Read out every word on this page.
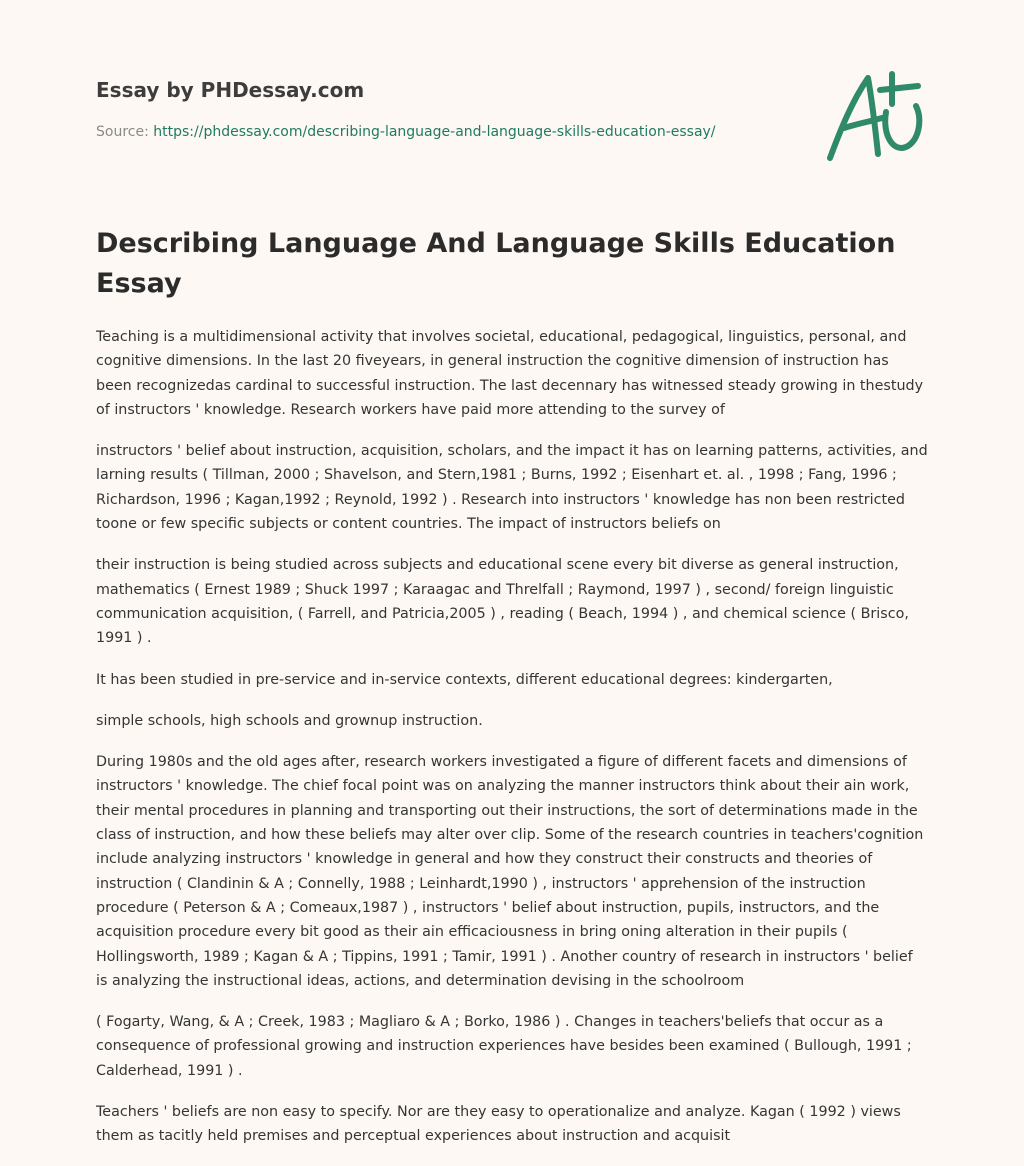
Essay by PHDessay.com
Source: https://phdessay.com/describing-language-and-language-skills-education-essay/
Describing Language And Language Skills Education Essay

Teaching is a multidimensional activity that involves societal, educational, pedagogical, linguistics, personal, and cognitive dimensions. In the last 20 fiveyears, in general instruction the cognitive dimension of instruction has been recognizedas cardinal to successful instruction. The last decennary has witnessed steady growing in thestudy of instructors ' knowledge. Research workers have paid more attending to the survey of

instructors ' belief about instruction, acquisition, scholars, and the impact it has on learning patterns, activities, and larning results ( Tillman, 2000 ; Shavelson, and Stern,1981 ; Burns, 1992 ; Eisenhart et. al. , 1998 ; Fang, 1996 ; Richardson, 1996 ; Kagan,1992 ; Reynold, 1992 ) . Research into instructors ' knowledge has non been restricted toone or few specific subjects or content countries. The impact of instructors beliefs on

their instruction is being studied across subjects and educational scene every bit diverse as general instruction, mathematics ( Ernest 1989 ; Shuck 1997 ; Karaagac and Threlfall ; Raymond, 1997 ) , second/ foreign linguistic communication acquisition, ( Farrell, and Patricia,2005 ) , reading ( Beach, 1994 ) , and chemical science ( Brisco, 1991 ) .

It has been studied in pre-service and in-service contexts, different educational degrees: kindergarten,

simple schools, high schools and grownup instruction.

During 1980s and the old ages after, research workers investigated a figure of different facets and dimensions of instructors ' knowledge. The chief focal point was on analyzing the manner instructors think about their ain work, their mental procedures in planning and transporting out their instructions, the sort of determinations made in the class of instruction, and how these beliefs may alter over clip. Some of the research countries in teachers'cognition include analyzing instructors ' knowledge in general and how they construct their constructs and theories of instruction ( Clandinin & A ; Connelly, 1988 ; Leinhardt,1990 ) , instructors ' apprehension of the instruction procedure ( Peterson & A ; Comeaux,1987 ) , instructors ' belief about instruction, pupils, instructors, and the acquisition procedure every bit good as their ain efficaciousness in bring oning alteration in their pupils ( Hollingsworth, 1989 ; Kagan & A ; Tippins, 1991 ; Tamir, 1991 ) . Another country of research in instructors ' belief is analyzing the instructional ideas, actions, and determination devising in the schoolroom

( Fogarty, Wang, & A ; Creek, 1983 ; Magliaro & A ; Borko, 1986 ) . Changes in teachers'beliefs that occur as a consequence of professional growing and instruction experiences have besides been examined ( Bullough, 1991 ; Calderhead, 1991 ) .

Teachers ' beliefs are non easy to specify. Nor are they easy to operationalize and analyze. Kagan ( 1992 ) views them as tacitly held premises and perceptual experiences about instruction and acquisit
